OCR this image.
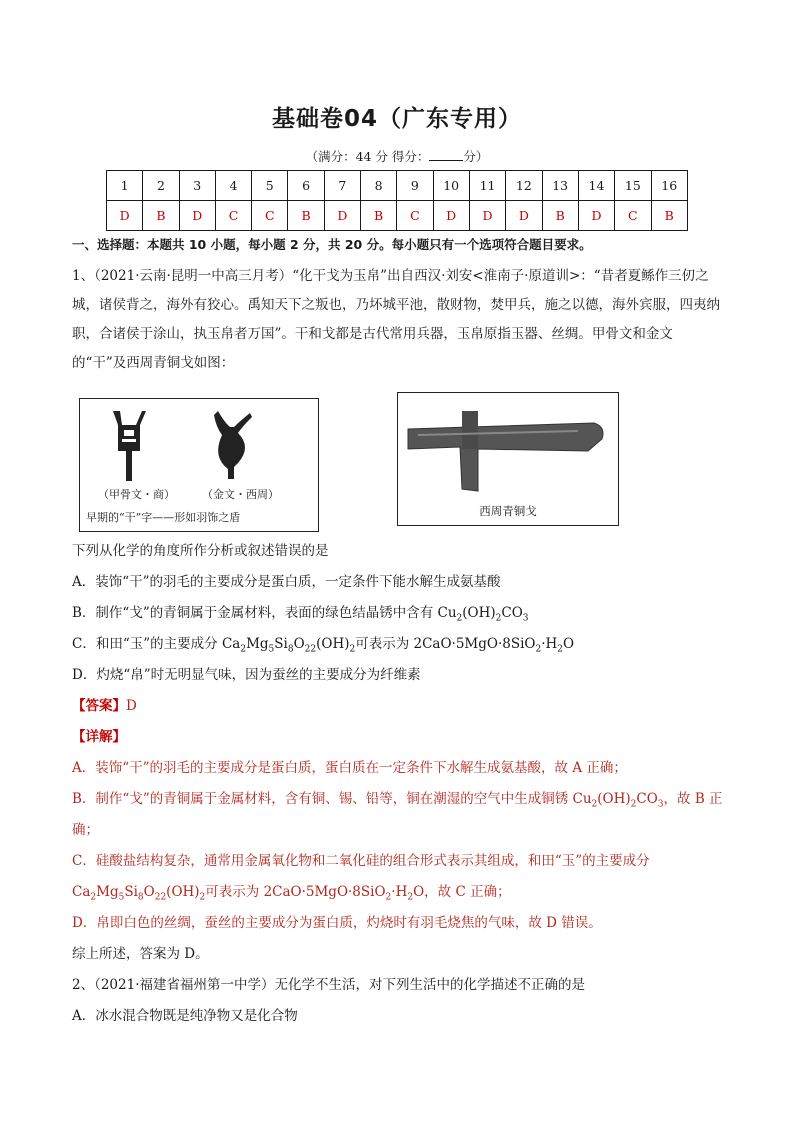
基础卷04（广东专用）
（满分：44 分 得分：	分）
1	2	3	4	5	6	7	8	9	10	11	12	13	14	15	16
D	B	D	C	C	B	D	B	C	D	D	D	B	D	C	B
一、选择题：本题共 10 小题，每小题 2 分，共 20 分。每小题只有一个选项符合题目要求。
1、（2021·云南·昆明一中高三月考）“化干戈为玉帛”出自西汉·刘安<淮南子·原道训>：“昔者夏鲧作三仞之城，诸侯背之，海外有狡心。禹知天下之叛也，乃坏城平池，散财物，焚甲兵，施之以德，海外宾服，四夷纳职，合诸侯于涂山，执玉帛者万国”。干和戈都是古代常用兵器，玉帛原指玉器、丝绸。甲骨文和金文的“干”及西周青铜戈如图：
（甲骨文・商） （金文・西周）
早期的“干”字——形如羽饰之盾	西周青铜戈
下列从化学的角度所作分析或叙述错误的是
A．装饰“干”的羽毛的主要成分是蛋白质，一定条件下能水解生成氨基酸
B．制作“戈”的青铜属于金属材料，表面的绿色结晶锈中含有 $Cu_2(OH)_2CO_3$
C．和田“玉”的主要成分 $Ca_2Mg_5Si_8O_{22}(OH)_2$可表示为 $2CaO\cdot 5MgO\cdot 8SiO_2\cdot H_2O$
D．灼烧“帛”时无明显气味，因为蚕丝的主要成分为纤维素
【答案】D
【详解】
A．装饰“干”的羽毛的主要成分是蛋白质，蛋白质在一定条件下水解生成氨基酸，故 A 正确；
B．制作“戈”的青铜属于金属材料，含有铜、锡、铅等，铜在潮湿的空气中生成铜锈 $Cu_2(OH)_2CO_3$，故 B 正
确；
C．硅酸盐结构复杂，通常用金属氧化物和二氧化硅的组合形式表示其组成，和田“玉”的主要成分
$Ca_2Mg_5Si_8O_{22}(OH)_2$可表示为 $2CaO\cdot 5MgO\cdot 8SiO_2\cdot H_2O$，故 C 正确；
D．帛即白色的丝绸，蚕丝的主要成分为蛋白质，灼烧时有羽毛烧焦的气味，故 D 错误。
综上所述，答案为 D。
2、（2021·福建省福州第一中学）无化学不生活，对下列生活中的化学描述不正确的是
A．冰水混合物既是纯净物又是化合物
